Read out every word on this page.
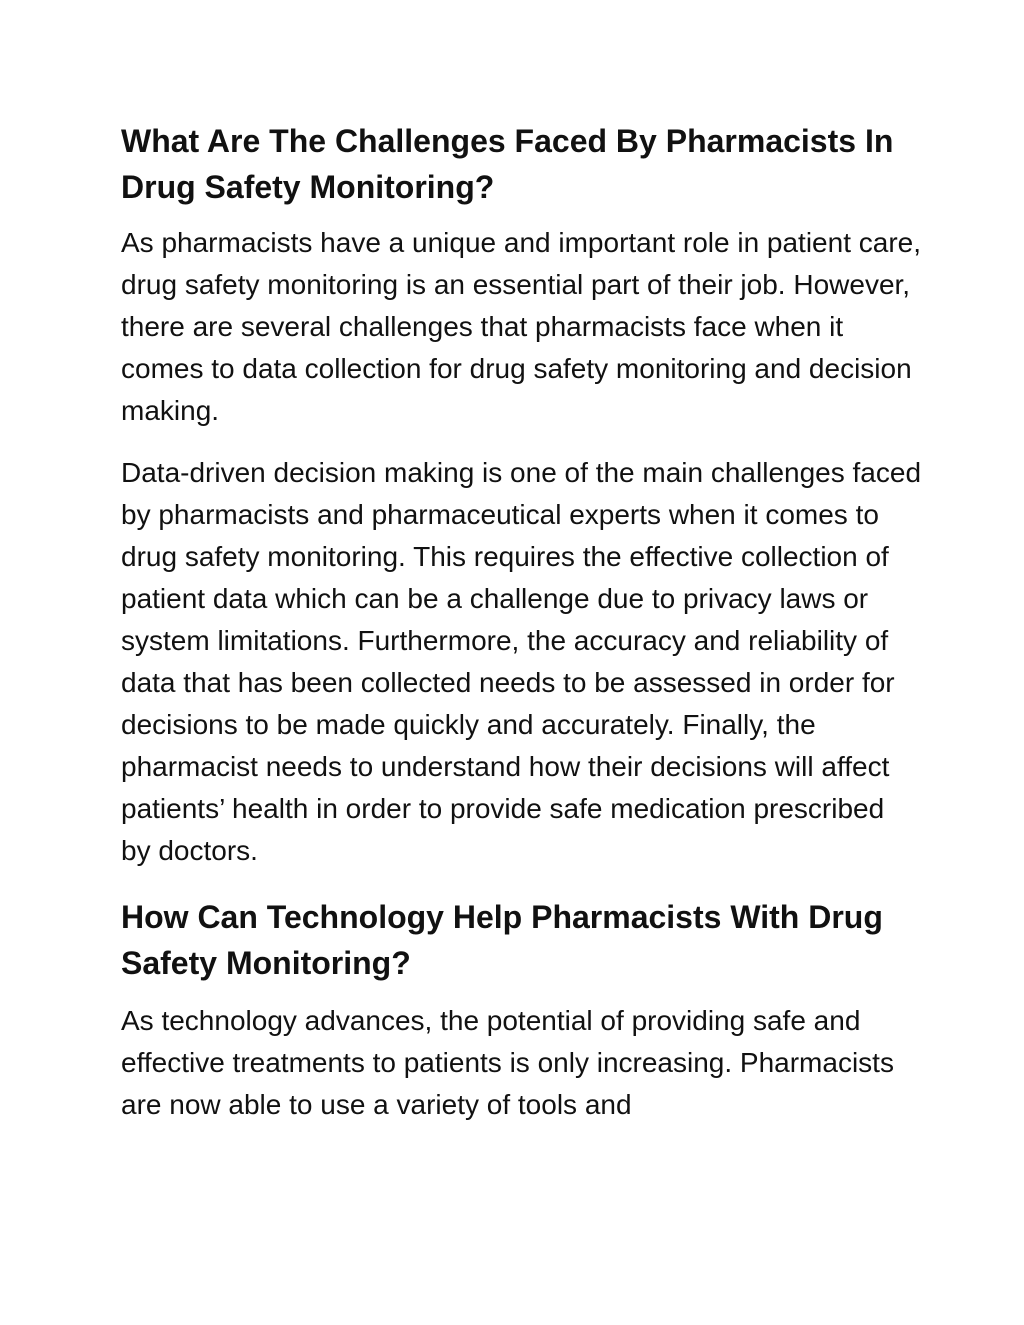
What Are The Challenges Faced By Pharmacists In Drug Safety Monitoring?

As pharmacists have a unique and important role in patient care, drug safety monitoring is an essential part of their job. However, there are several challenges that pharmacists face when it comes to data collection for drug safety monitoring and decision making.

Data-driven decision making is one of the main challenges faced by pharmacists and pharmaceutical experts when it comes to drug safety monitoring. This requires the effective collection of patient data which can be a challenge due to privacy laws or system limitations. Furthermore, the accuracy and reliability of data that has been collected needs to be assessed in order for decisions to be made quickly and accurately. Finally, the pharmacist needs to understand how their decisions will affect patients’ health in order to provide safe medication prescribed by doctors.

How Can Technology Help Pharmacists With Drug Safety Monitoring?

As technology advances, the potential of providing safe and effective treatments to patients is only increasing. Pharmacists are now able to use a variety of tools and
